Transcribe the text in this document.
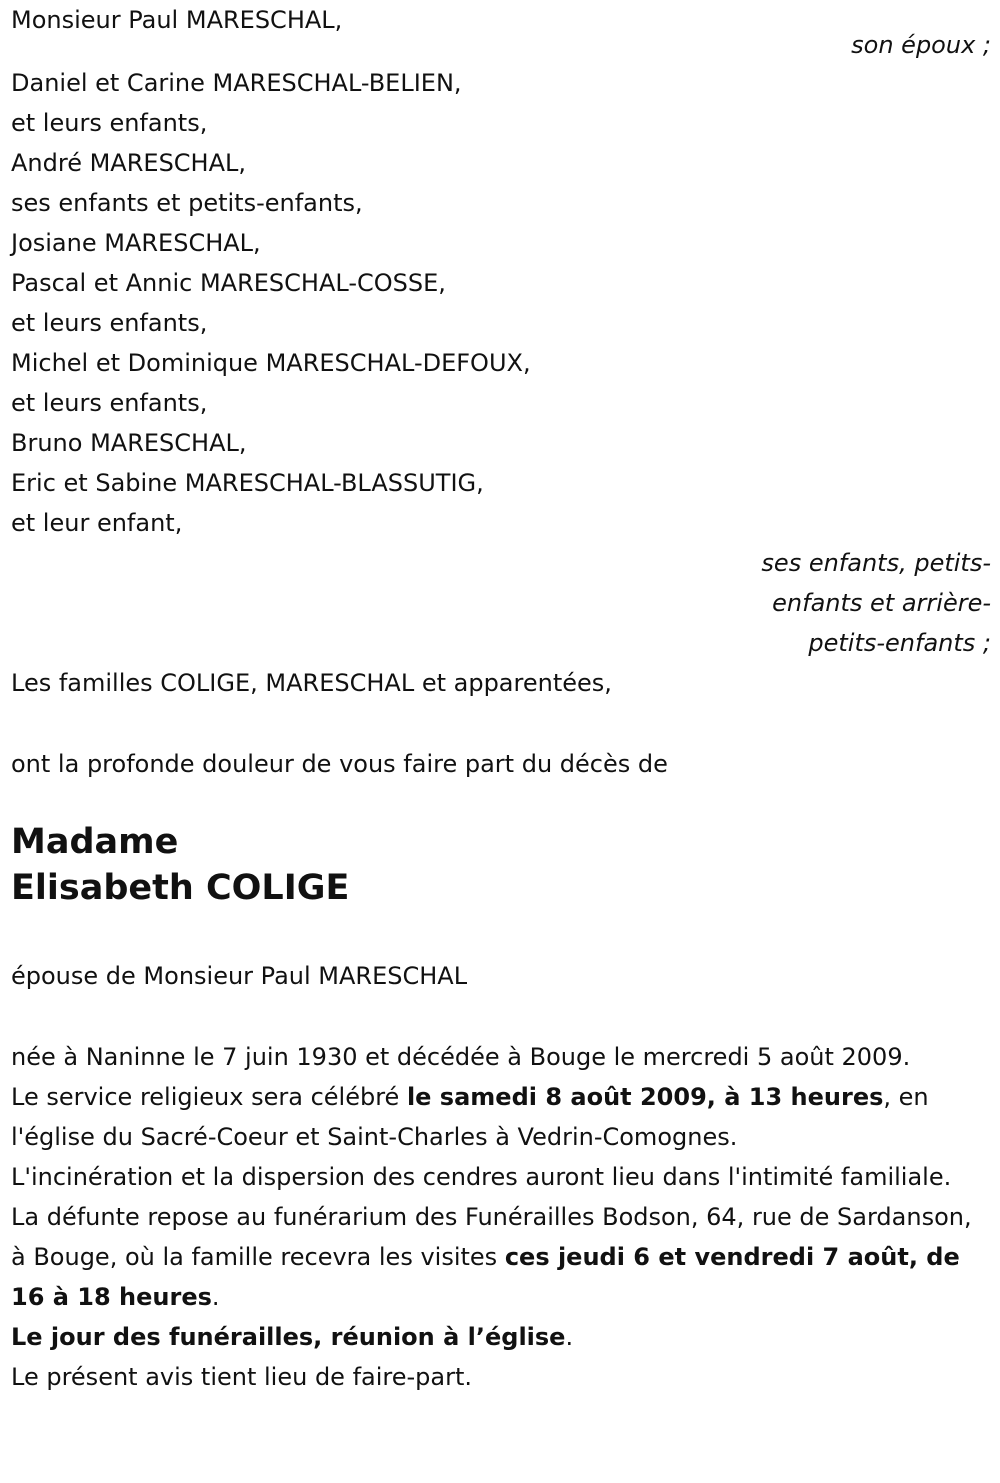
Monsieur Paul MARESCHAL,
son époux ;
Daniel et Carine MARESCHAL-BELIEN,
et leurs enfants,
André MARESCHAL,
ses enfants et petits-enfants,
Josiane MARESCHAL,
Pascal et Annic MARESCHAL-COSSE,
et leurs enfants,
Michel et Dominique MARESCHAL-DEFOUX,
et leurs enfants,
Bruno MARESCHAL,
Eric et Sabine MARESCHAL-BLASSUTIG,
et leur enfant,
ses enfants, petits-
enfants et arrière-
petits-enfants ;
Les familles COLIGE, MARESCHAL et apparentées,
ont la profonde douleur de vous faire part du décès de
Madame
Elisabeth COLIGE
épouse de Monsieur Paul MARESCHAL
née à Naninne le 7 juin 1930 et décédée à Bouge le mercredi 5 août 2009.
Le service religieux sera célébré le samedi 8 août 2009, à 13 heures, en l'église du Sacré-Coeur et Saint-Charles à Vedrin-Comognes.
L'incinération et la dispersion des cendres auront lieu dans l'intimité familiale.
La défunte repose au funérarium des Funérailles Bodson, 64, rue de Sardanson, à Bouge, où la famille recevra les visites ces jeudi 6 et vendredi 7 août, de 16 à 18 heures.
Le jour des funérailles, réunion à l’église.
Le présent avis tient lieu de faire-part.
